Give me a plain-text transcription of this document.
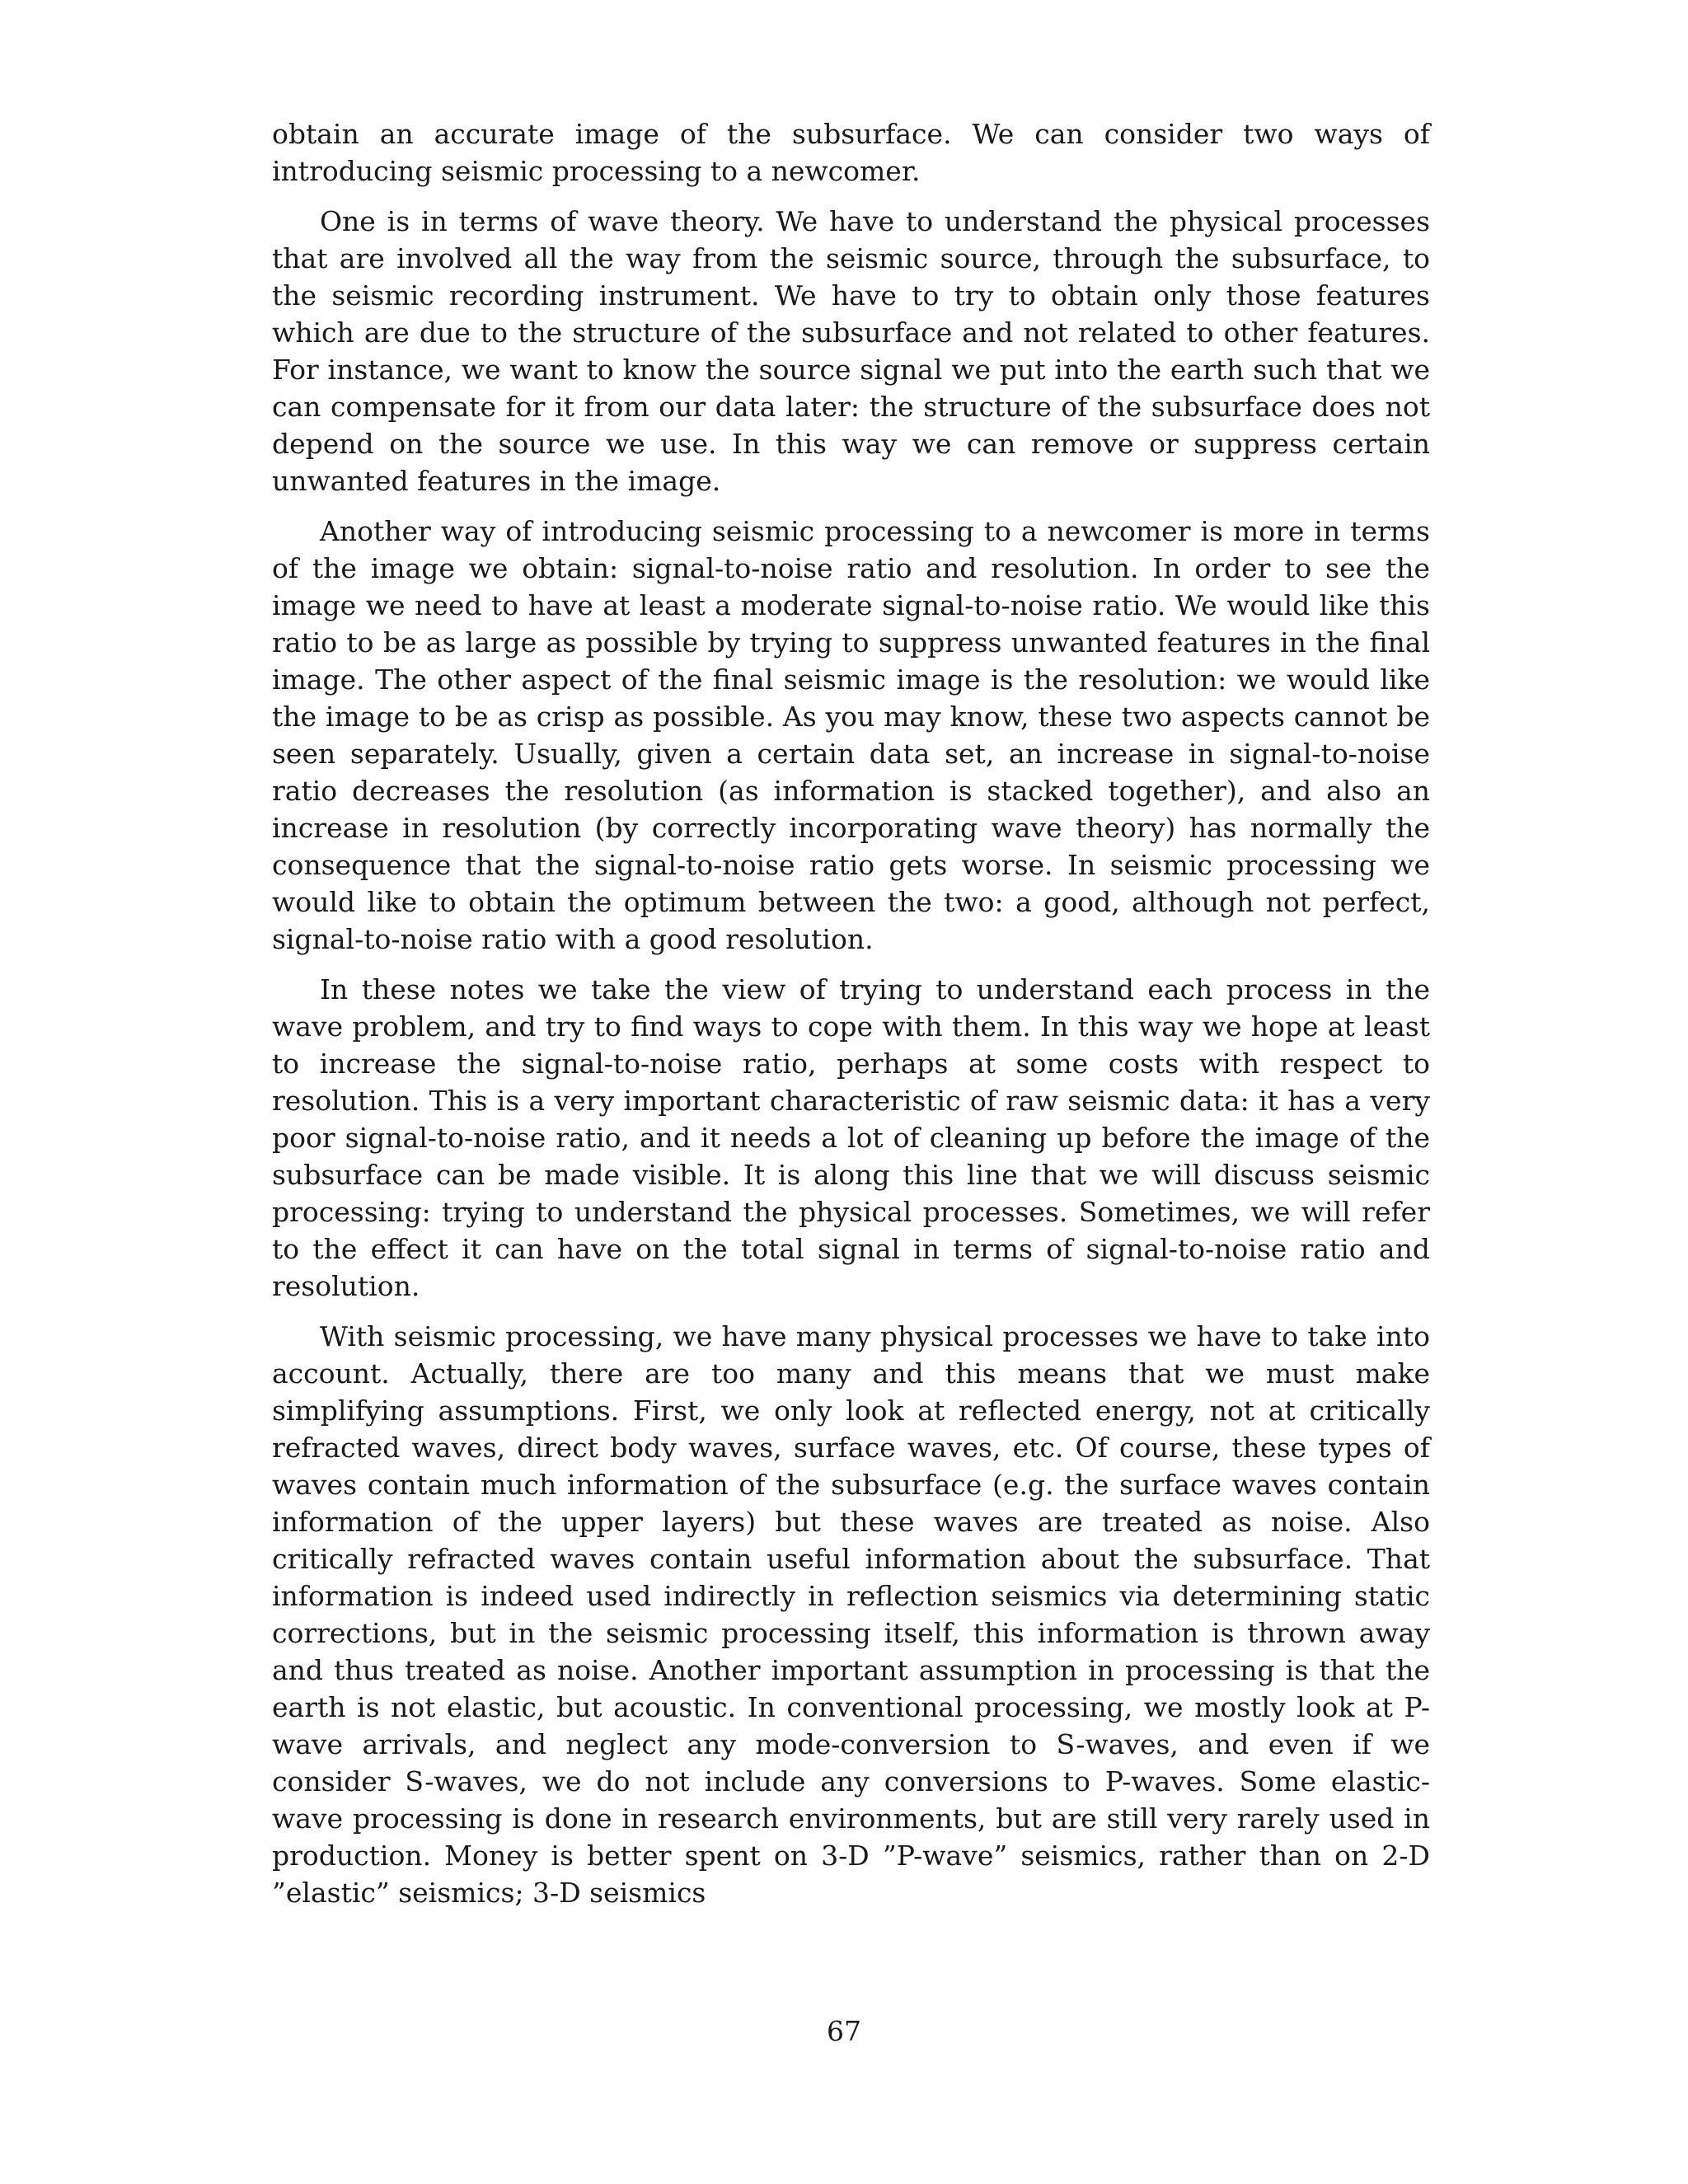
obtain an accurate image of the subsurface. We can consider two ways of introducing seismic processing to a newcomer.

One is in terms of wave theory. We have to understand the physical processes that are involved all the way from the seismic source, through the subsurface, to the seismic recording instrument. We have to try to obtain only those features which are due to the structure of the subsurface and not related to other features. For instance, we want to know the source signal we put into the earth such that we can compensate for it from our data later: the structure of the subsurface does not depend on the source we use. In this way we can remove or suppress certain unwanted features in the image.

Another way of introducing seismic processing to a newcomer is more in terms of the image we obtain: signal-to-noise ratio and resolution. In order to see the image we need to have at least a moderate signal-to-noise ratio. We would like this ratio to be as large as possible by trying to suppress unwanted features in the final image. The other aspect of the final seismic image is the resolution: we would like the image to be as crisp as possible. As you may know, these two aspects cannot be seen separately. Usually, given a certain data set, an increase in signal-to-noise ratio decreases the resolution (as information is stacked together), and also an increase in resolution (by correctly incorporating wave theory) has normally the consequence that the signal-to-noise ratio gets worse. In seismic processing we would like to obtain the optimum between the two: a good, although not perfect, signal-to-noise ratio with a good resolution.

In these notes we take the view of trying to understand each process in the wave problem, and try to find ways to cope with them. In this way we hope at least to increase the signal-to-noise ratio, perhaps at some costs with respect to resolution. This is a very important characteristic of raw seismic data: it has a very poor signal-to-noise ratio, and it needs a lot of cleaning up before the image of the subsurface can be made visible. It is along this line that we will discuss seismic processing: trying to understand the physical processes. Sometimes, we will refer to the effect it can have on the total signal in terms of signal-to-noise ratio and resolution.

With seismic processing, we have many physical processes we have to take into account. Actually, there are too many and this means that we must make simplifying assumptions. First, we only look at reflected energy, not at critically refracted waves, direct body waves, surface waves, etc. Of course, these types of waves contain much information of the subsurface (e.g. the surface waves contain information of the upper layers) but these waves are treated as noise. Also critically refracted waves contain useful information about the subsurface. That information is indeed used indirectly in reflection seismics via determining static corrections, but in the seismic processing itself, this information is thrown away and thus treated as noise. Another important assumption in processing is that the earth is not elastic, but acoustic. In conventional processing, we mostly look at P-wave arrivals, and neglect any mode-conversion to S-waves, and even if we consider S-waves, we do not include any conversions to P-waves. Some elastic-wave processing is done in research environments, but are still very rarely used in production. Money is better spent on 3-D ”P-wave” seismics, rather than on 2-D ”elastic” seismics; 3-D seismics

67
